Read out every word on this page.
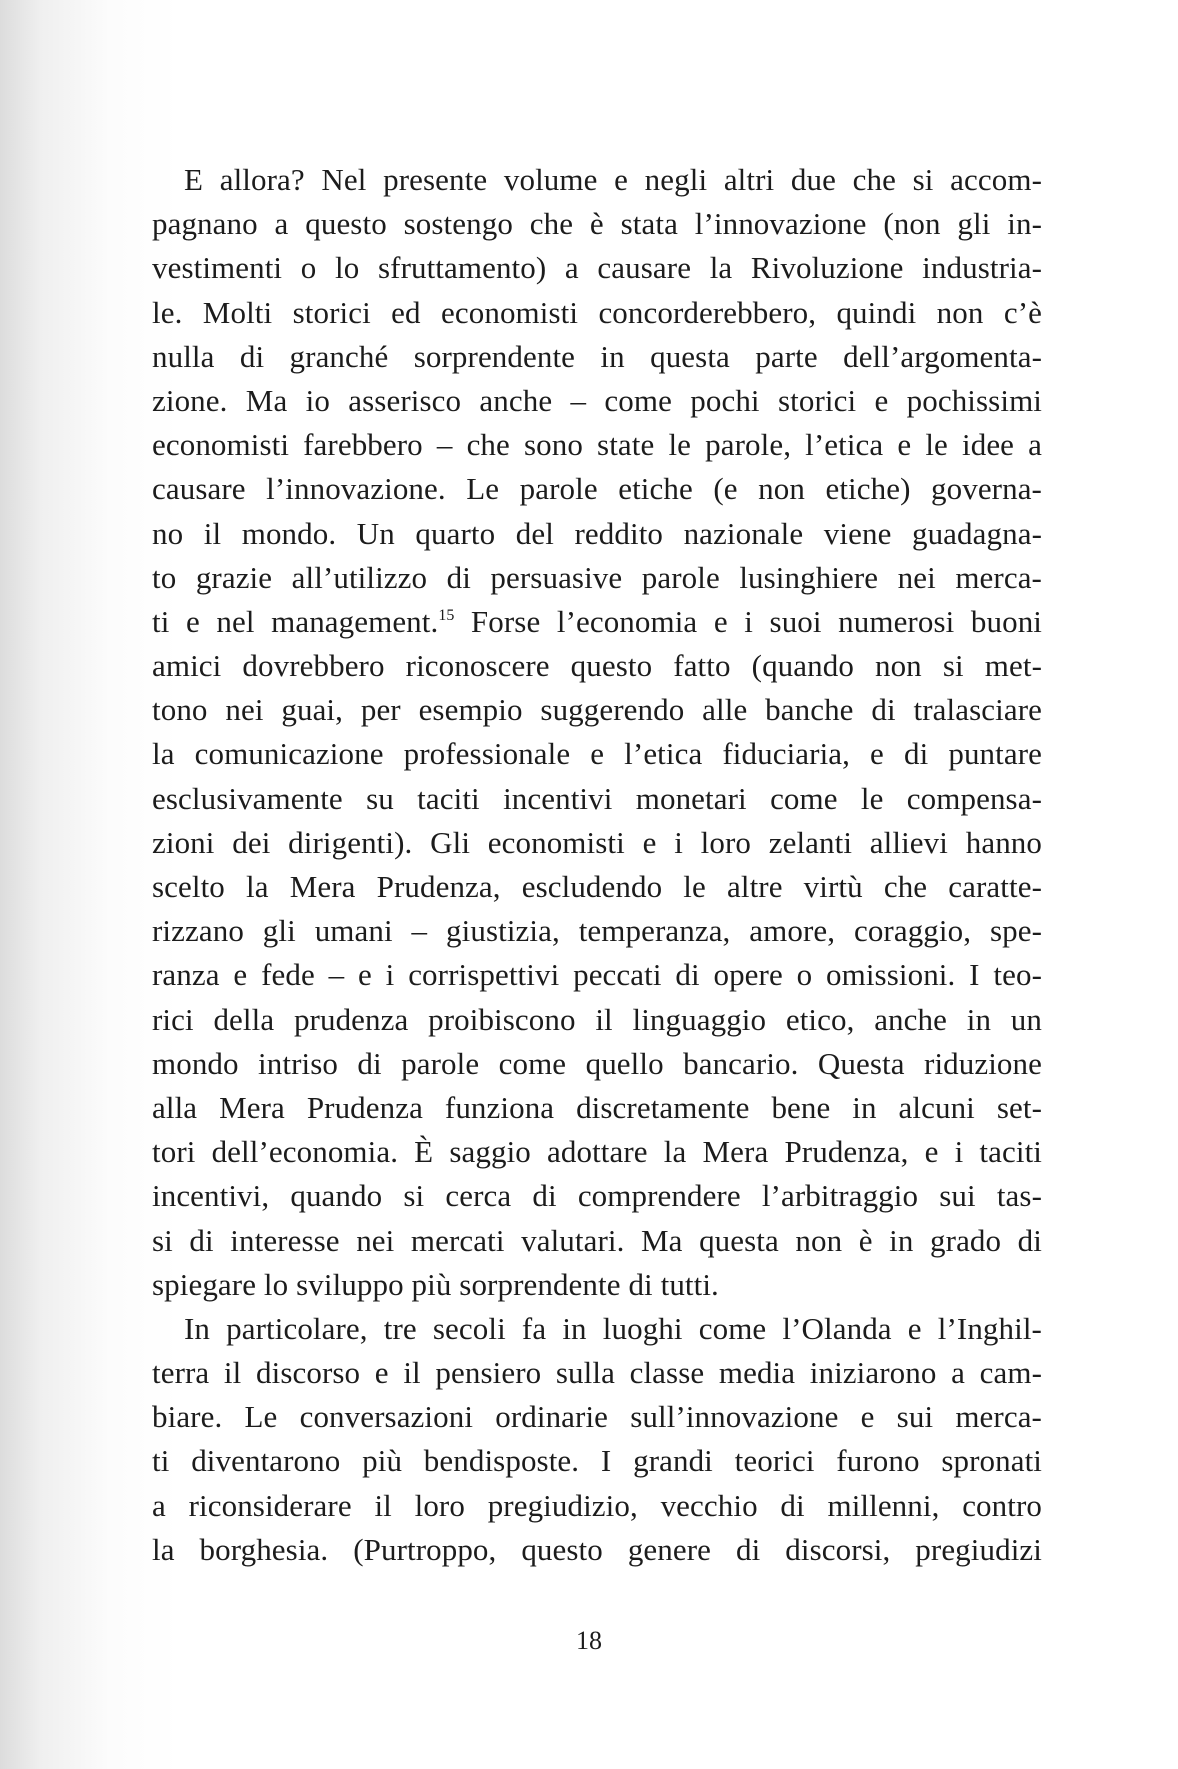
E allora? Nel presente volume e negli altri due che si accom-
pagnano a questo sostengo che è stata l’innovazione (non gli in-
vestimenti o lo sfruttamento) a causare la Rivoluzione industria-
le. Molti storici ed economisti concorderebbero, quindi non c’è
nulla di granché sorprendente in questa parte dell’argomenta-
zione. Ma io asserisco anche – come pochi storici e pochissimi
economisti farebbero – che sono state le parole, l’etica e le idee a
causare l’innovazione. Le parole etiche (e non etiche) governa-
no il mondo. Un quarto del reddito nazionale viene guadagna-
to grazie all’utilizzo di persuasive parole lusinghiere nei merca-
ti e nel management.$^{15}$ Forse l’economia e i suoi numerosi buoni
amici dovrebbero riconoscere questo fatto (quando non si met-
tono nei guai, per esempio suggerendo alle banche di tralasciare
la comunicazione professionale e l’etica fiduciaria, e di puntare
esclusivamente su taciti incentivi monetari come le compensa-
zioni dei dirigenti). Gli economisti e i loro zelanti allievi hanno
scelto la Mera Prudenza, escludendo le altre virtù che caratte-
rizzano gli umani – giustizia, temperanza, amore, coraggio, spe-
ranza e fede – e i corrispettivi peccati di opere o omissioni. I teo-
rici della prudenza proibiscono il linguaggio etico, anche in un
mondo intriso di parole come quello bancario. Questa riduzione
alla Mera Prudenza funziona discretamente bene in alcuni set-
tori dell’economia. È saggio adottare la Mera Prudenza, e i taciti
incentivi, quando si cerca di comprendere l’arbitraggio sui tas-
si di interesse nei mercati valutari. Ma questa non è in grado di
spiegare lo sviluppo più sorprendente di tutti.
In particolare, tre secoli fa in luoghi come l’Olanda e l’Inghil-
terra il discorso e il pensiero sulla classe media iniziarono a cam-
biare. Le conversazioni ordinarie sull’innovazione e sui merca-
ti diventarono più bendisposte. I grandi teorici furono spronati
a riconsiderare il loro pregiudizio, vecchio di millenni, contro
la borghesia. (Purtroppo, questo genere di discorsi, pregiudizi
18
